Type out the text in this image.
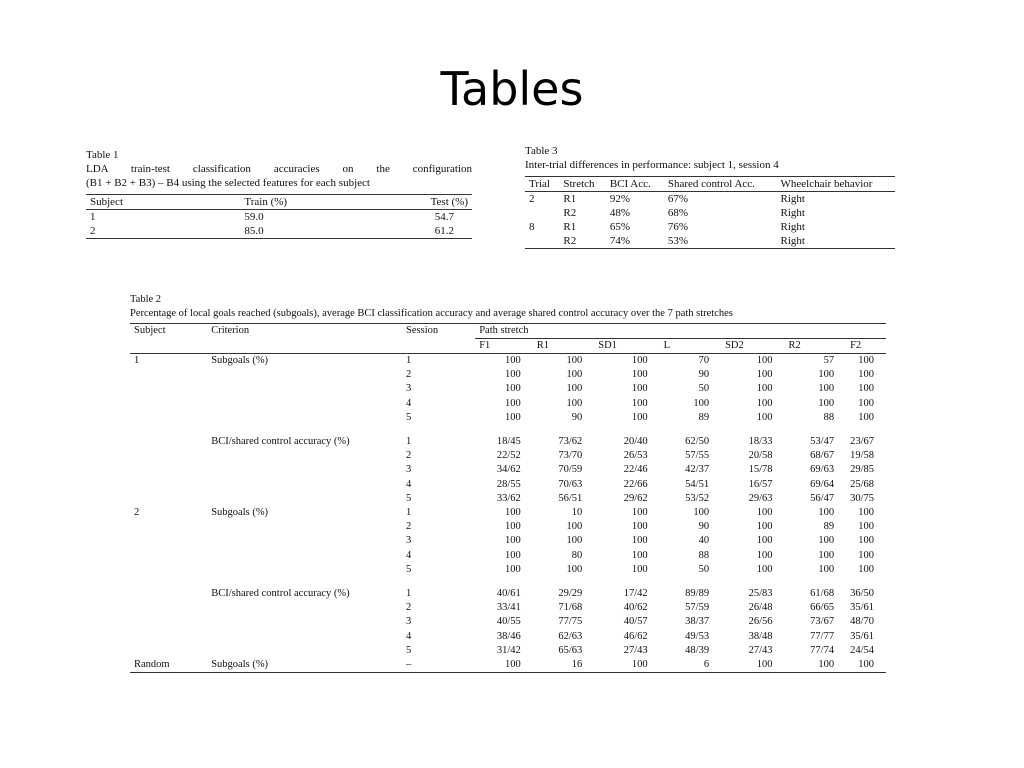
Tables
Table 1
LDA train-test classification accuracies on the configuration
(B1 + B2 + B3) – B4 using the selected features for each subject
Subject	Train (%)	Test (%)
1	59.0	54.7
2	85.0	61.2
Table 3
Inter-trial differences in performance: subject 1, session 4
Trial	Stretch	BCI Acc.	Shared control Acc.	Wheelchair behavior
2	R1	92%	67%	Right
	R2	48%	68%	Right
8	R1	65%	76%	Right
	R2	74%	53%	Right
Table 2
Percentage of local goals reached (subgoals), average BCI classification accuracy and average shared control accuracy over the 7 path stretches
Subject	Criterion	Session	Path stretch						
			F1	R1	SD1	L	SD2	R2	F2
1	Subgoals (%)	1	100	100	100	70	100	57	100
		2	100	100	100	90	100	100	100
		3	100	100	100	50	100	100	100
		4	100	100	100	100	100	100	100
		5	100	90	100	89	100	88	100

	BCI/shared control accuracy (%)	1	18/45	73/62	20/40	62/50	18/33	53/47	23/67
		2	22/52	73/70	26/53	57/55	20/58	68/67	19/58
		3	34/62	70/59	22/46	42/37	15/78	69/63	29/85
		4	28/55	70/63	22/66	54/51	16/57	69/64	25/68
		5	33/62	56/51	29/62	53/52	29/63	56/47	30/75
2	Subgoals (%)	1	100	10	100	100	100	100	100
		2	100	100	100	90	100	89	100
		3	100	100	100	40	100	100	100
		4	100	80	100	88	100	100	100
		5	100	100	100	50	100	100	100

	BCI/shared control accuracy (%)	1	40/61	29/29	17/42	89/89	25/83	61/68	36/50
		2	33/41	71/68	40/62	57/59	26/48	66/65	35/61
		3	40/55	77/75	40/57	38/37	26/56	73/67	48/70
		4	38/46	62/63	46/62	49/53	38/48	77/77	35/61
		5	31/42	65/63	27/43	48/39	27/43	77/74	24/54
Random	Subgoals (%)	–	100	16	100	6	100	100	100
